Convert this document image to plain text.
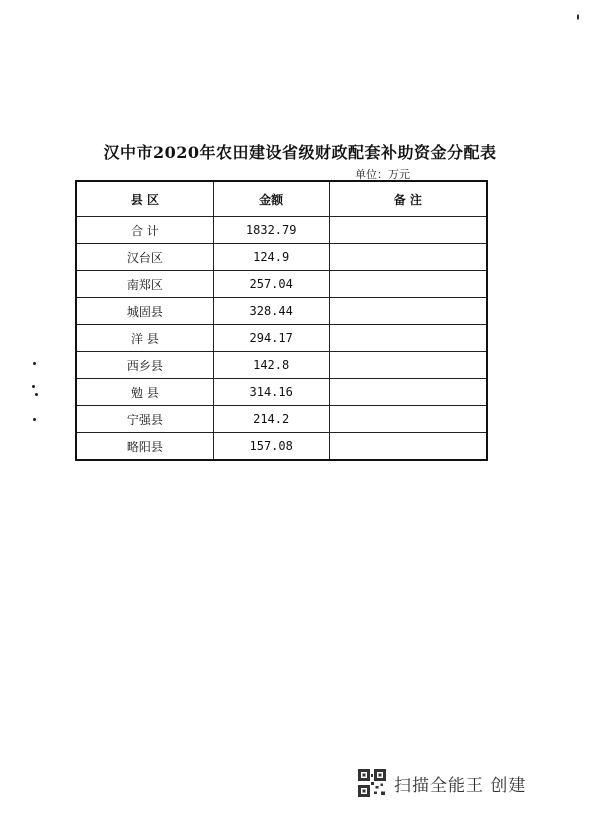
汉中市2020年农田建设省级财政配套补助资金分配表
单位：万元
县 区	金额	备 注
合 计	1832.79	
汉台区	124.9	
南郑区	257.04	
城固县	328.44	
洋 县	294.17	
西乡县	142.8	
勉 县	314.16	
宁强县	214.2	
略阳县	157.08	
扫描全能王 创建
